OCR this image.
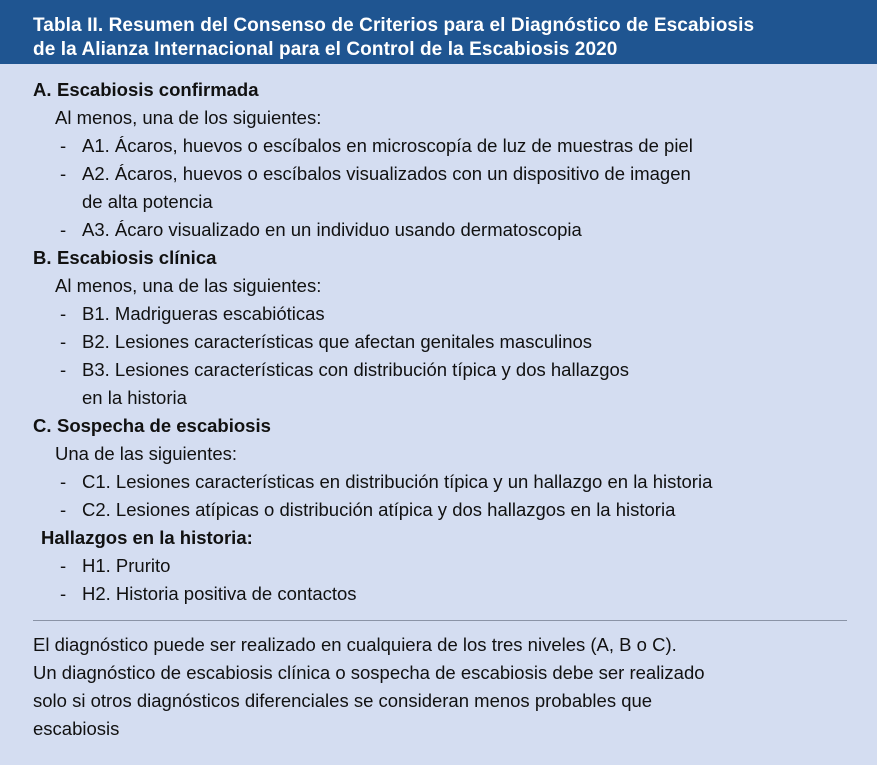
Tabla II. Resumen del Consenso de Criterios para el Diagnóstico de Escabiosis
de la Alianza Internacional para el Control de la Escabiosis 2020
A. Escabiosis confirmada
Al menos, una de los siguientes:
- A1. Ácaros, huevos o escíbalos en microscopía de luz de muestras de piel
- A2. Ácaros, huevos o escíbalos visualizados con un dispositivo de imagen
de alta potencia
- A3. Ácaro visualizado en un individuo usando dermatoscopia
B. Escabiosis clínica
Al menos, una de las siguientes:
- B1. Madrigueras escabióticas
- B2. Lesiones características que afectan genitales masculinos
- B3. Lesiones características con distribución típica y dos hallazgos
en la historia
C. Sospecha de escabiosis
Una de las siguientes:
- C1. Lesiones características en distribución típica y un hallazgo en la historia
- C2. Lesiones atípicas o distribución atípica y dos hallazgos en la historia
Hallazgos en la historia:
- H1. Prurito
- H2. Historia positiva de contactos
El diagnóstico puede ser realizado en cualquiera de los tres niveles (A, B o C).
Un diagnóstico de escabiosis clínica o sospecha de escabiosis debe ser realizado
solo si otros diagnósticos diferenciales se consideran menos probables que
escabiosis
